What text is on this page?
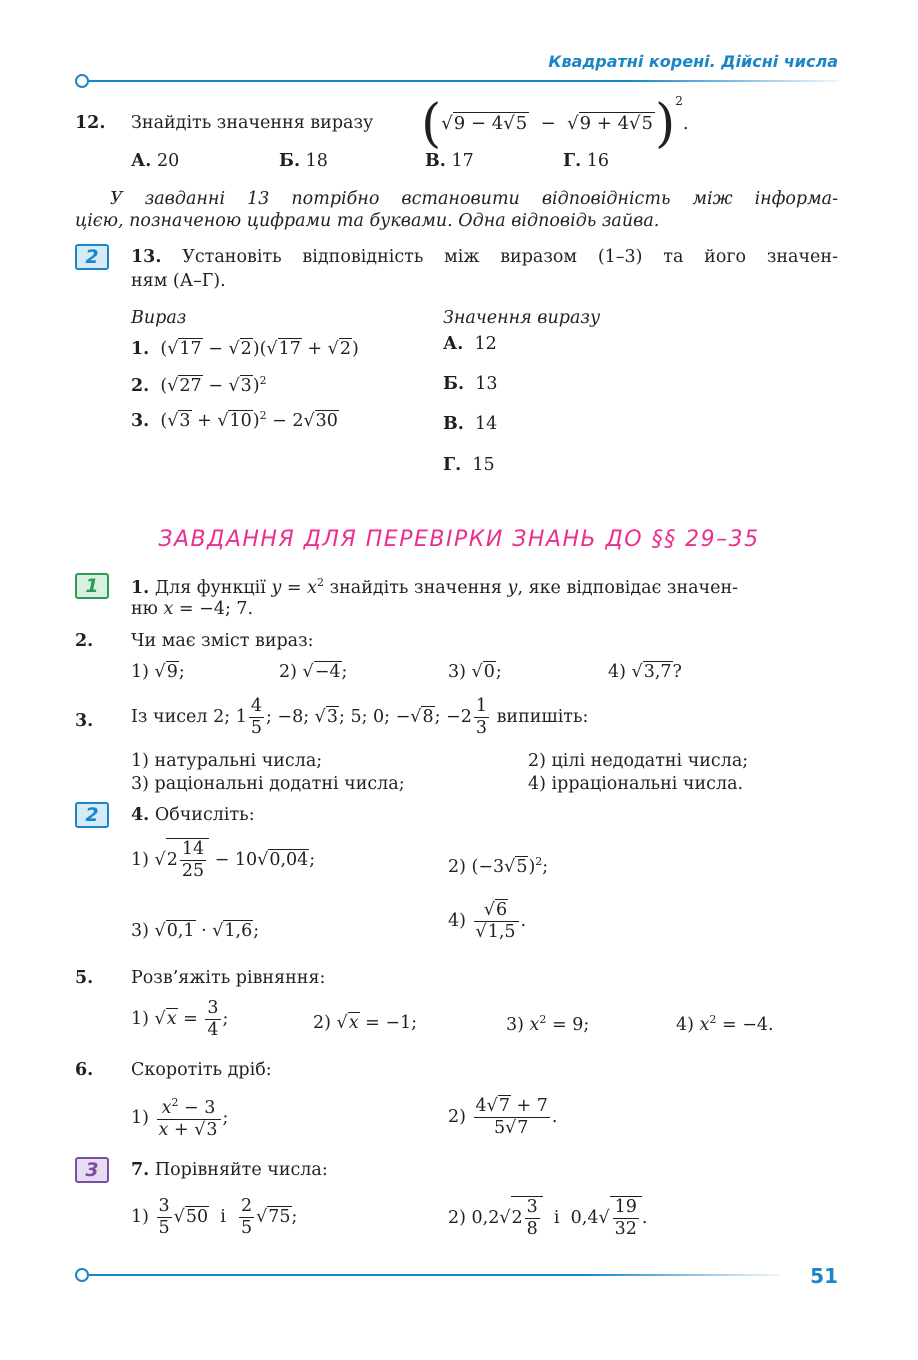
Квадратні корені. Дійсні числа
12. Знайдіть значення виразу $(√9 - 4√5 - √9 + 4√5)^2$.
А. 20	Б. 18	В. 17	Г. 16
У завданні 13 потрібно встановити відповідність між інформа-
цією, позначеною цифрами та буквами. Одна відповідь зайва.
2	13. Установіть відповідність між виразом (1–3) та його значен-
ням (А–Г).
Вираз	Значення виразу
1.  (√17 − √2)(√17 + √2)
2.  $(√27 - √3)^2$
3.  $(√3 + √10)^2 - 2√30$
А. 12
Б. 13
В. 14
Г. 15
ЗАВДАННЯ ДЛЯ ПЕРЕВІРКИ ЗНАНЬ ДО §§ 29–35
1	1. Для функції $y = x^2$ знайдіть значення y, яке відповідає значен-
ню x = −4; 7.
2. Чи має зміст вираз:
1) √9;	2) √−4;	3) √0;	4) √3,7?
3. Із чисел 2; $1 \frac{4}{5}$ ; −8; √3; 5; 0; −√8; $-2 \frac{1}{3}$ випишіть:
1) натуральні числа;	2) цілі недодатні числа;
3) раціональні додатні числа;	4) ірраціональні числа.
2	4. Обчисліть:
1) $√2 \frac{14}{25} - 10√0,04$;	2) $(-3√5)^2$;
3) √0,1 · √1,6;	$4) \frac{√6}{√1,5}$ .
5. Розв’яжіть рівняння:
1) $√x = \frac{3}{4}$ ;	2) √x = −1;	3) $x^2 = 9$;	4) $x^2 = -4$.
6. Скоротіть дріб:
$1) \frac{x^2 - 3}{x + √3}$ ;	$2) \frac{4√7 + 7}{5√7}$ .
3	7. Порівняйте числа:
$1) \frac{3}{5} √50$  і $\frac{2}{5} √75$;	2) $0,2√2 \frac{3}{8}$ і  $0,4√ \frac{19}{32}$ .
51
